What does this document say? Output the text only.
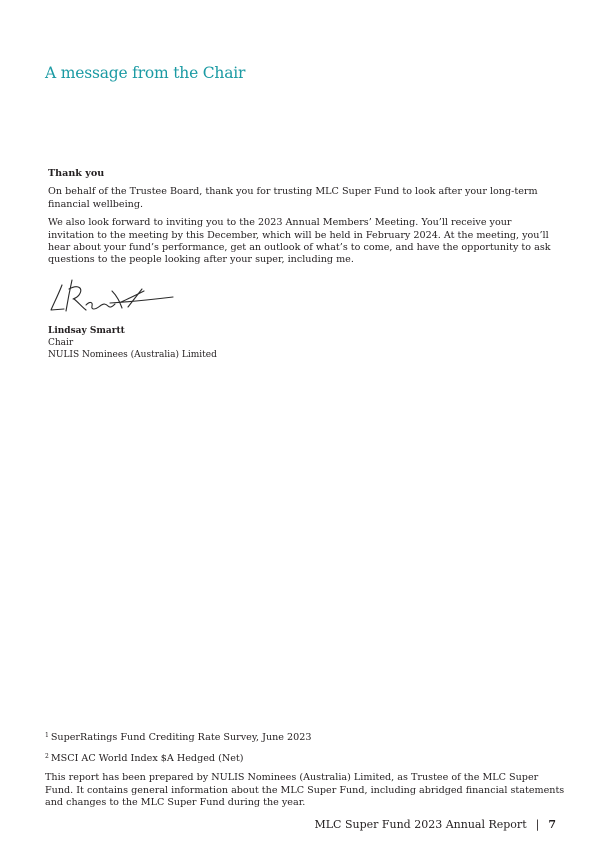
A message from the Chair

Thank you

On behalf of the Trustee Board, thank you for trusting MLC Super Fund to look after your long-term financial wellbeing.

We also look forward to inviting you to the 2023 Annual Members’ Meeting. You’ll receive your invitation to the meeting by this December, which will be held in February 2024. At the meeting, you’ll hear about your fund’s performance, get an outlook of what’s to come, and have the opportunity to ask questions to the people looking after your super, including me.

Lindsay Smartt
Chair
NULIS Nominees (Australia) Limited

$^1$ SuperRatings Fund Crediting Rate Survey, June 2023

$^2$ MSCI AC World Index $A Hedged (Net)

This report has been prepared by NULIS Nominees (Australia) Limited, as Trustee of the MLC Super Fund. It contains general information about the MLC Super Fund, including abridged financial statements and changes to the MLC Super Fund during the year.

MLC Super Fund 2023 Annual Report | 7
